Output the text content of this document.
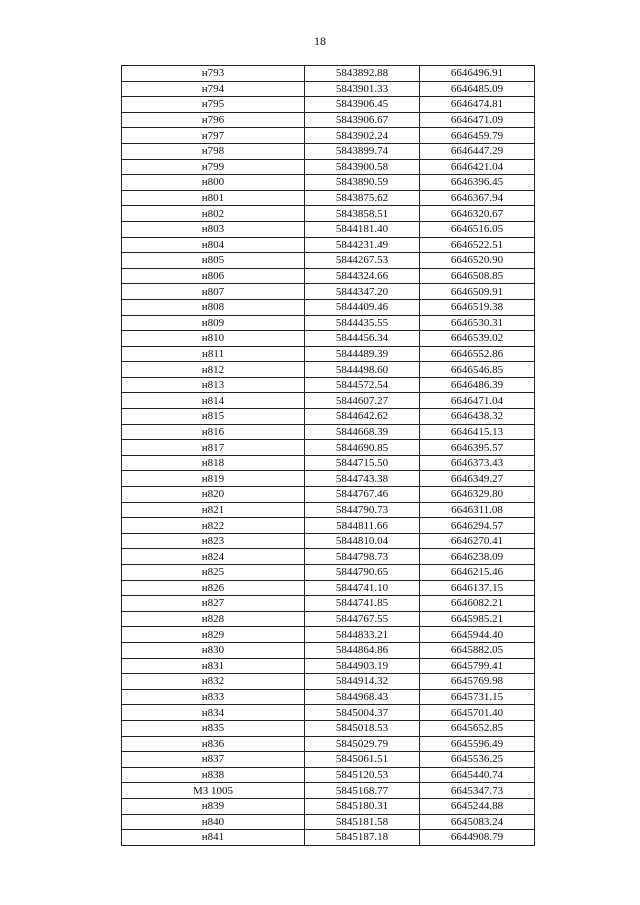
18
н793	5843892.88	6646496.91
н794	5843901.33	6646485.09
н795	5843906.45	6646474.81
н796	5843906.67	6646471.09
н797	5843902.24	6646459.79
н798	5843899.74	6646447.29
н799	5843900.58	6646421.04
н800	5843890.59	6646396.45
н801	5843875.62	6646367.94
н802	5843858.51	6646320.67
н803	5844181.40	6646516.05
н804	5844231.49	6646522.51
н805	5844267.53	6646520.90
н806	5844324.66	6646508.85
н807	5844347.20	6646509.91
н808	5844409.46	6646519.38
н809	5844435.55	6646530.31
н810	5844456.34	6646539.02
н811	5844489.39	6646552.86
н812	5844498.60	6646546.85
н813	5844572.54	6646486.39
н814	5844607.27	6646471.04
н815	5844642.62	6646438.32
н816	5844668.39	6646415.13
н817	5844690.85	6646395.57
н818	5844715.50	6646373.43
н819	5844743.38	6646349.27
н820	5844767.46	6646329.80
н821	5844790.73	6646311.08
н822	5844811.66	6646294.57
н823	5844810.04	6646270.41
н824	5844798.73	6646238.09
н825	5844790.65	6646215.46
н826	5844741.10	6646137.15
н827	5844741.85	6646082.21
н828	5844767.55	6645985.21
н829	5844833.21	6645944.40
н830	5844864.86	6645882.05
н831	5844903.19	6645799.41
н832	5844914.32	6645769.98
н833	5844968.43	6645731.15
н834	5845004.37	6645701.40
н835	5845018.53	6645652.85
н836	5845029.79	6645596.49
н837	5845061.51	6645536.25
н838	5845120.53	6645440.74
МЗ 1005	5845168.77	6645347.73
н839	5845180.31	6645244.88
н840	5845181.58	6645083.24
н841	5845187.18	6644908.79
